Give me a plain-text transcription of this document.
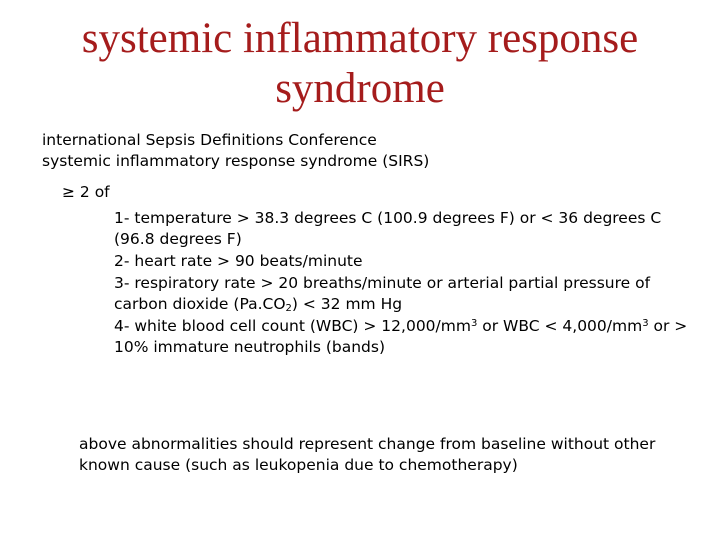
systemic inflammatory response
syndrome
international Sepsis Definitions Conference
systemic inflammatory response syndrome (SIRS)
≥ 2 of
1- temperature > 38.3 degrees C (100.9 degrees F) or < 36 degrees C (96.8 degrees F)
2- heart rate > 90 beats/minute
3- respiratory rate > 20 breaths/minute or arterial partial pressure of carbon dioxide $(Pa.CO_2) < 32$ mm Hg
4- white blood cell count $(WBC) > 12,000/mm^3$ or WBC < $4,000/mm^3$ or > 10% immature neutrophils (bands)
above abnormalities should represent change from baseline without other known cause (such as leukopenia due to chemotherapy)
